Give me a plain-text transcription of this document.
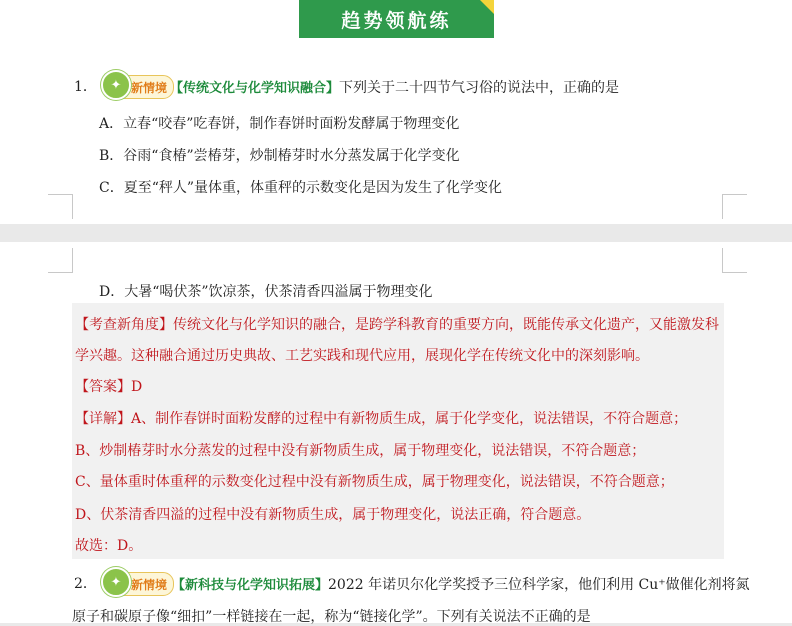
趋势领航练
1．	✦ 新情境 【传统文化与化学知识融合】下列关于二十四节气习俗的说法中，正确的是
A．立春“咬春”吃春饼，制作春饼时面粉发酵属于物理变化
B．谷雨“食椿”尝椿芽，炒制椿芽时水分蒸发属于化学变化
C．夏至“秤人”量体重，体重秤的示数变化是因为发生了化学变化
D．大暑“喝伏茶”饮凉茶，伏茶清香四溢属于物理变化
【考查新角度】传统文化与化学知识的融合，是跨学科教育的重要方向，既能传承文化遗产，又能激发科
学兴趣。这种融合通过历史典故、工艺实践和现代应用，展现化学在传统文化中的深刻影响。
【答案】D
【详解】A、制作春饼时面粉发酵的过程中有新物质生成，属于化学变化，说法错误，不符合题意；
B、炒制椿芽时水分蒸发的过程中没有新物质生成，属于物理变化，说法错误，不符合题意；
C、量体重时体重秤的示数变化过程中没有新物质生成，属于物理变化，说法错误，不符合题意；
D、伏茶清香四溢的过程中没有新物质生成，属于物理变化，说法正确，符合题意。
故选：D。
2．	✦ 新情境 【新科技与化学知识拓展】2022 年诺贝尔化学奖授予三位科学家，他们利用 Cu⁺做催化剂将氮
原子和碳原子像“细扣”一样链接在一起，称为“链接化学”。下列有关说法不正确的是
